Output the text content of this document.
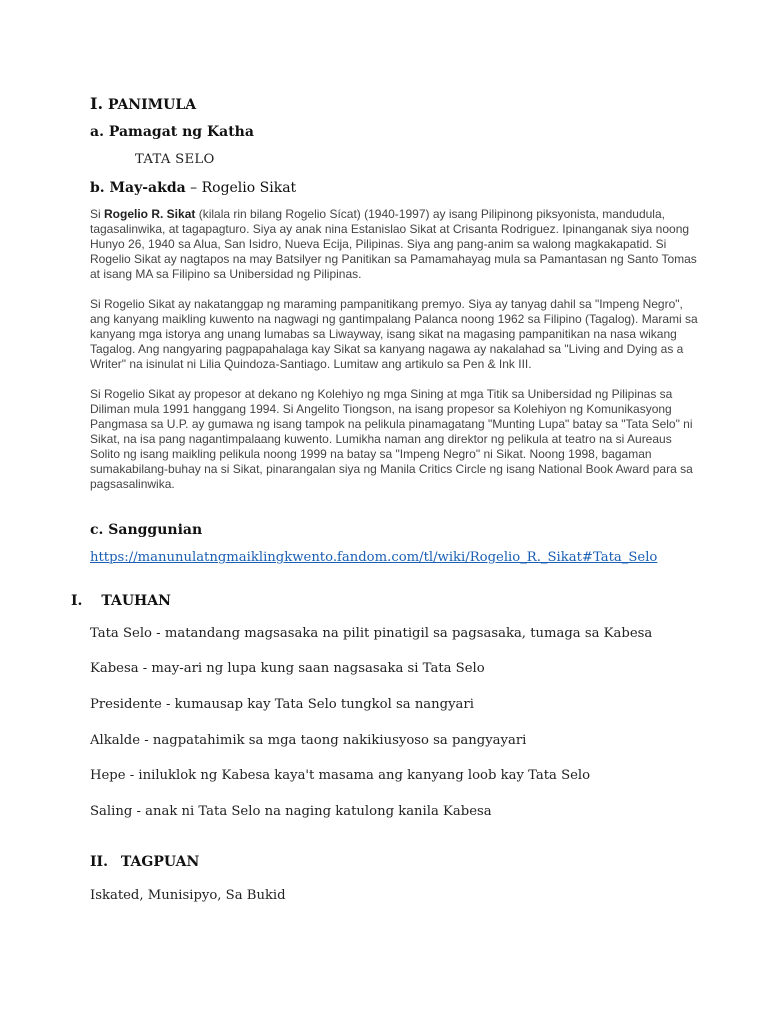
I. PANIMULA
a. Pamagat ng Katha
TATA SELO
b. May-akda – Rogelio Sikat

Si Rogelio R. Sikat (kilala rin bilang Rogelio Sícat) (1940-1997) ay isang Pilipinong piksyonista, mandudula, tagasalinwika, at tagapagturo. Siya ay anak nina Estanislao Sikat at Crisanta Rodriguez. Ipinanganak siya noong Hunyo 26, 1940 sa Alua, San Isidro, Nueva Ecija, Pilipinas. Siya ang pang-anim sa walong magkakapatid. Si Rogelio Sikat ay nagtapos na may Batsilyer ng Panitikan sa Pamamahayag mula sa Pamantasan ng Santo Tomas at isang MA sa Filipino sa Unibersidad ng Pilipinas.

Si Rogelio Sikat ay nakatanggap ng maraming pampanitikang premyo. Siya ay tanyag dahil sa "Impeng Negro", ang kanyang maikling kuwento na nagwagi ng gantimpalang Palanca noong 1962 sa Filipino (Tagalog). Marami sa kanyang mga istorya ang unang lumabas sa Liwayway, isang sikat na magasing pampanitikan na nasa wikang Tagalog. Ang nangyaring pagpapahalaga kay Sikat sa kanyang nagawa ay nakalahad sa "Living and Dying as a Writer" na isinulat ni Lilia Quindoza-Santiago. Lumitaw ang artikulo sa Pen & Ink III.

Si Rogelio Sikat ay propesor at dekano ng Kolehiyo ng mga Sining at mga Titik sa Unibersidad ng Pilipinas sa Diliman mula 1991 hanggang 1994. Si Angelito Tiongson, na isang propesor sa Kolehiyon ng Komunikasyong Pangmasa sa U.P. ay gumawa ng isang tampok na pelikula pinamagatang "Munting Lupa" batay sa "Tata Selo" ni Sikat, na isa pang nagantimpalaang kuwento. Lumikha naman ang direktor ng pelikula at teatro na si Aureaus Solito ng isang maikling pelikula noong 1999 na batay sa "Impeng Negro" ni Sikat. Noong 1998, bagaman sumakabilang-buhay na si Sikat, pinarangalan siya ng Manila Critics Circle ng isang National Book Award para sa pagsasalinwika.

c. Sanggunian
https://manunulatngmaiklingkwento.fandom.com/tl/wiki/Rogelio_R._Sikat#Tata_Selo
I. TAUHAN
Tata Selo - matandang magsasaka na pilit pinatigil sa pagsasaka, tumaga sa Kabesa
Kabesa - may-ari ng lupa kung saan nagsasaka si Tata Selo
Presidente - kumausap kay Tata Selo tungkol sa nangyari
Alkalde - nagpatahimik sa mga taong nakikiusyoso sa pangyayari
Hepe - iniluklok ng Kabesa kaya't masama ang kanyang loob kay Tata Selo
Saling - anak ni Tata Selo na naging katulong kanila Kabesa
II. TAGPUAN
Iskated, Munisipyo, Sa Bukid
